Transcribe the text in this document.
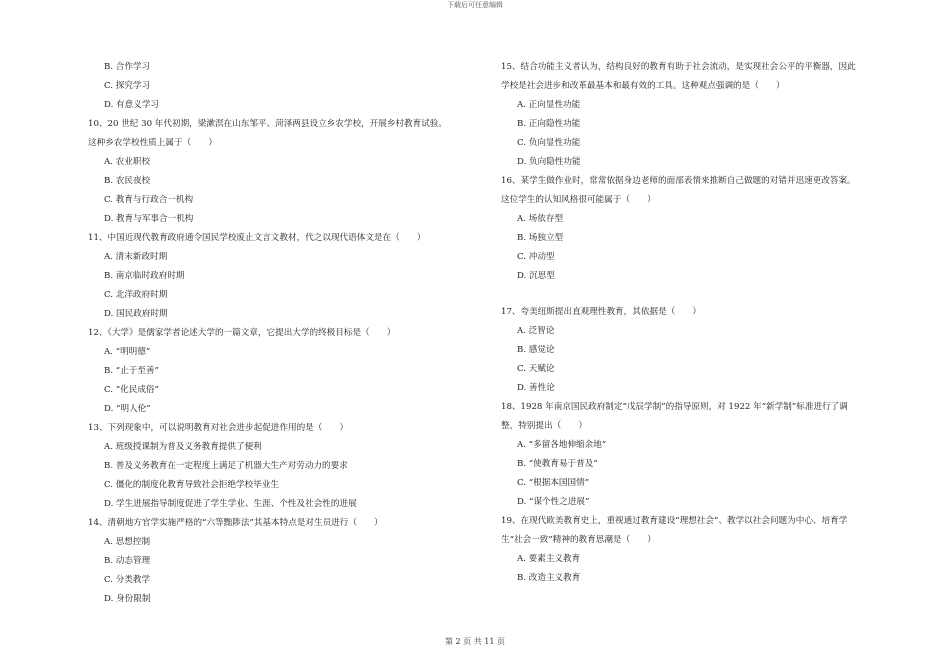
下载后可任意编辑
B. 合作学习
C. 探究学习
D. 有意义学习
10、20 世纪 30 年代初期，梁漱溟在山东邹平、菏泽两县设立乡农学校，开展乡村教育试验。
这种乡农学校性质上属于（　　）
A. 农业职校
B. 农民夜校
C. 教育与行政合一机构
D. 教育与军事合一机构
11、中国近现代教育政府通令国民学校废止文言文教材，代之以现代语体文是在（　　）
A. 清末新政时期
B. 南京临时政府时期
C. 北洋政府时期
D. 国民政府时期
12、《大学》是儒家学者论述大学的一篇文章，它提出大学的终极目标是（　　）
A. “明明德”
B. “止于至善”
C. “化民成俗”
D. “明人伦”
13、下列现象中，可以说明教育对社会进步起促进作用的是（　　）
A. 班级授课制为普及义务教育提供了便利
B. 普及义务教育在一定程度上满足了机器大生产对劳动力的要求
C. 僵化的制度化教育导致社会拒绝学校毕业生
D. 学生进展指导制度促进了学生学业、生涯、个性及社会性的进展
14、清朝地方官学实施严格的“六等黜陟法”其基本特点是对生员进行（　　）
A. 思想控制
B. 动态管理
C. 分类教学
D. 身份限制
15、结合功能主义者认为，结构良好的教育有助于社会流动，是实现社会公平的平衡器，因此
学校是社会进步和改革最基本和最有效的工具。这种观点强调的是（　　）
A. 正向显性功能
B. 正向隐性功能
C. 负向显性功能
D. 负向隐性功能
16、某学生做作业时，常常依据身边老师的面部表情来推断自己做题的对错并迅速更改答案。
这位学生的认知风格很可能属于（　　）
A. 场依存型
B. 场独立型
C. 冲动型
D. 沉思型
17、夸美纽斯提出直观理性教育，其依据是（　　）
A. 泛智论
B. 感觉论
C. 天赋论
D. 善性论
18、1928 年南京国民政府制定“戊辰学制”的指导原则，对 1922 年“新学制”标准进行了调
整，特别提出（　　）
A. “多留各地伸缩余地”
B. “使教育易于普及”
C. “根据本国国情”
D. “谋个性之进展”
19、在现代欧美教育史上，重视通过教育建设“理想社会”、教学以社会问题为中心、培育学
生“社会一致”精神的教育思潮是（　　）
A. 要素主义教育
B. 改造主义教育
第 2 页 共 11 页
